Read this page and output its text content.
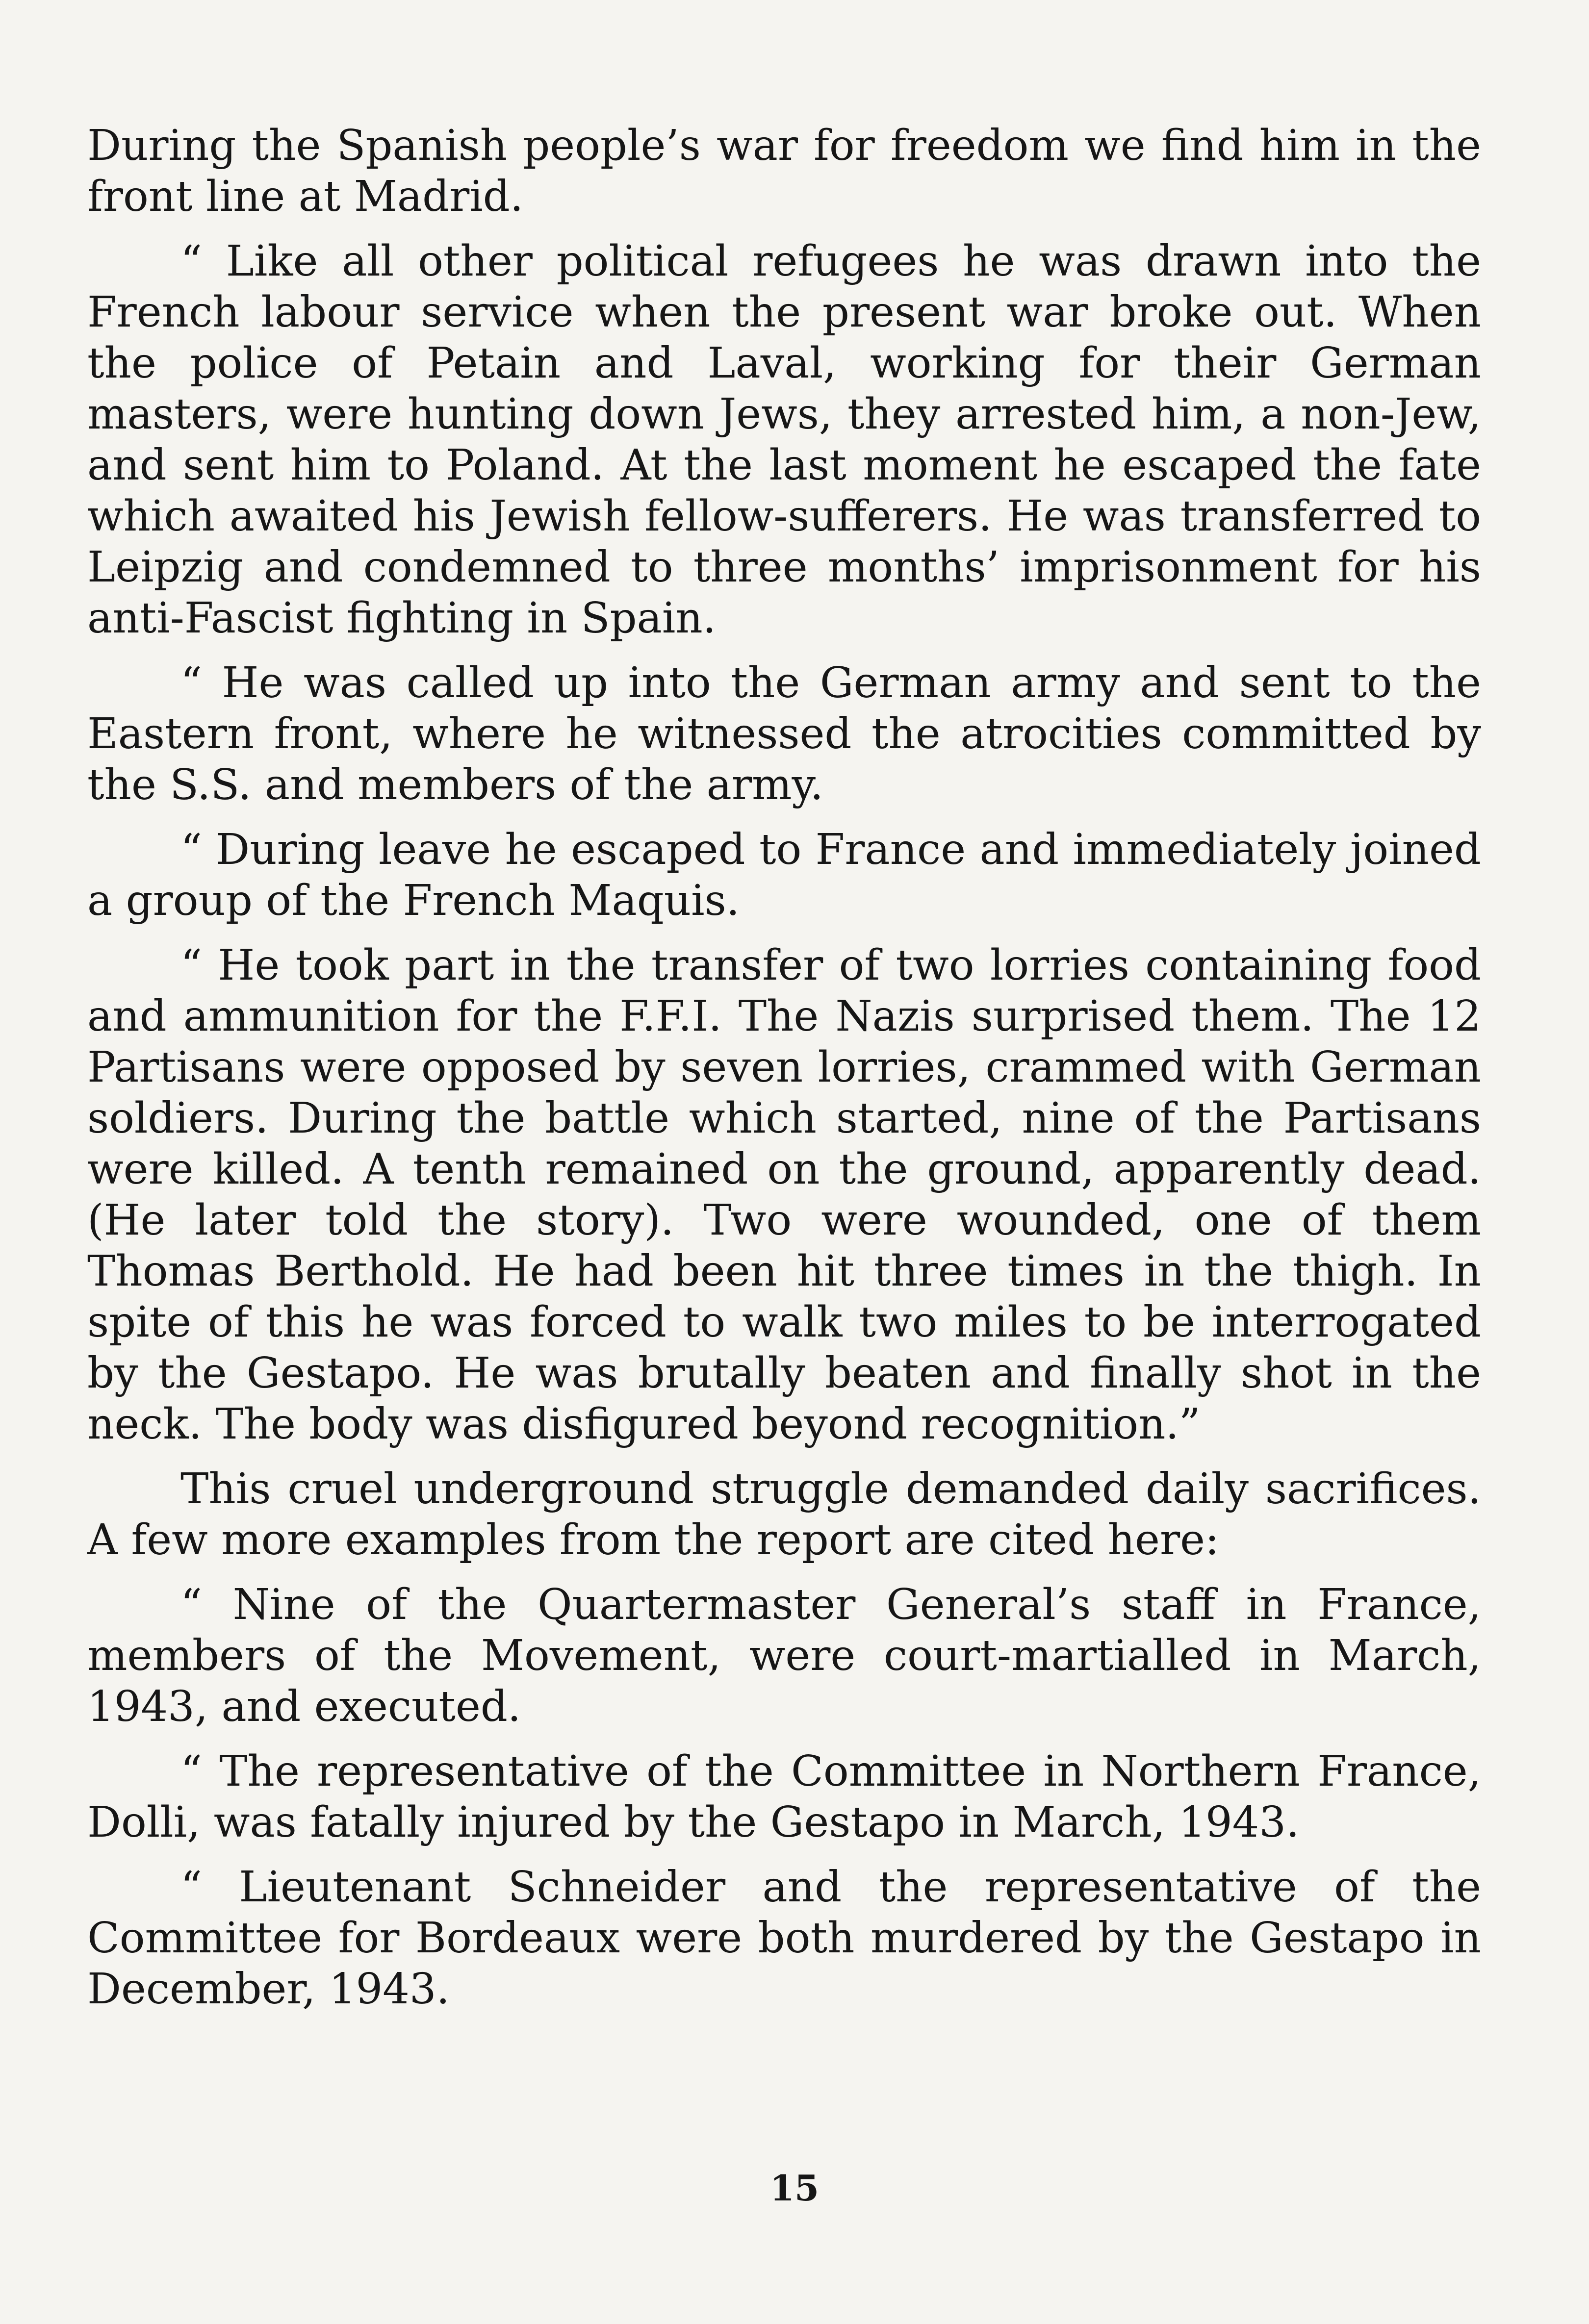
During the Spanish people’s war for freedom we find him in the front line at Madrid.

“ Like all other political refugees he was drawn into the French labour service when the present war broke out. When the police of Petain and Laval, working for their German masters, were hunting down Jews, they arrested him, a non-Jew, and sent him to Poland. At the last moment he escaped the fate which awaited his Jewish fellow-sufferers. He was transferred to Leipzig and condemned to three months’ imprisonment for his anti-Fascist fighting in Spain.

“ He was called up into the German army and sent to the Eastern front, where he witnessed the atrocities committed by the S.S. and members of the army.

“ During leave he escaped to France and immediately joined a group of the French Maquis.

“ He took part in the transfer of two lorries containing food and ammunition for the F.F.I. The Nazis surprised them. The 12 Partisans were opposed by seven lorries, crammed with German soldiers. During the battle which started, nine of the Partisans were killed. A tenth remained on the ground, apparently dead. (He later told the story). Two were wounded, one of them Thomas Berthold. He had been hit three times in the thigh. In spite of this he was forced to walk two miles to be interrogated by the Gestapo. He was brutally beaten and finally shot in the neck. The body was disfigured beyond recognition.”

This cruel underground struggle demanded daily sacrifices. A few more examples from the report are cited here:

“ Nine of the Quartermaster General’s staff in France, members of the Movement, were court-martialled in March, 1943, and executed.

“ The representative of the Committee in Northern France, Dolli, was fatally injured by the Gestapo in March, 1943.

“ Lieutenant Schneider and the representative of the Committee for Bordeaux were both murdered by the Gestapo in December, 1943.

15
